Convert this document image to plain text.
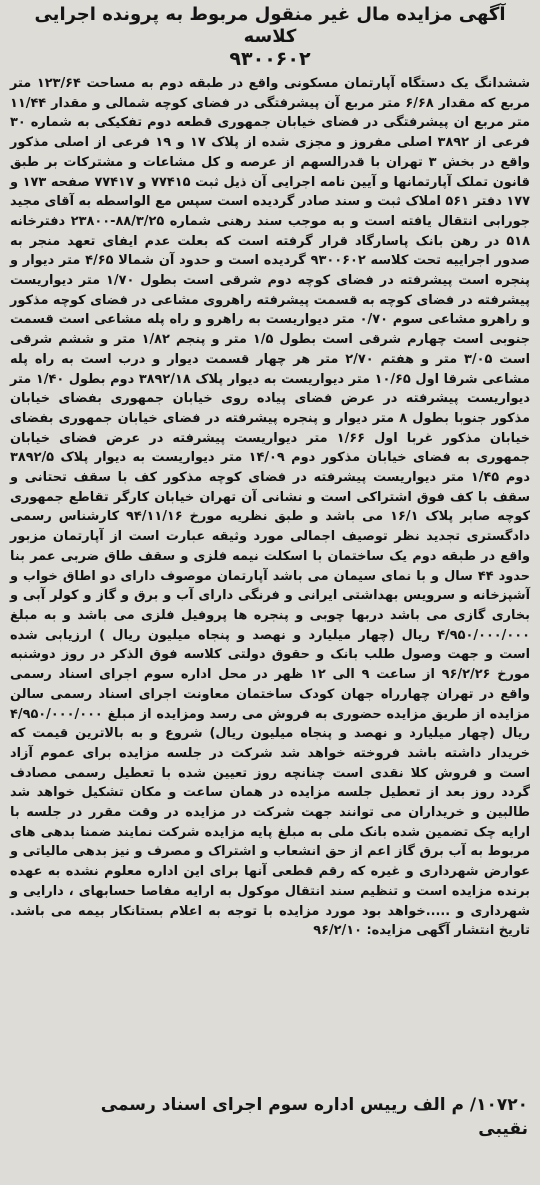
آگهی مزایده مال غیر منقول مربوط به پرونده اجرایی کلاسه
۹۳۰۰۶۰۲

ششدانگ یک دستگاه آپارتمان مسکونی واقع در طبقه دوم به مساحت ۱۲۳/۶۴ متر مربع که مقدار ۶/۶۸ متر مربع آن پیشرفتگی در فضای کوچه شمالی و مقدار ۱۱/۴۴ متر مربع ان پیشرفتگی در فضای خیابان جمهوری قطعه دوم تفکیکی به شماره ۳۰ فرعی از ۳۸۹۲ اصلی مفروز و مجزی شده از پلاک ۱۷ و ۱۹ فرعی از اصلی مذکور واقع در بخش ۳ تهران با قدرالسهم از عرصه و کل مشاعات و مشترکات بر طبق قانون تملک آپارتمانها و آیین نامه اجرایی آن ذیل ثبت ۷۷۴۱۵ و ۷۷۴۱۷ صفحه ۱۷۳ و ۱۷۷ دفتر ۵۶۱ املاک ثبت و سند صادر گردیده است سپس مع الواسطه به آقای مجید جورابی انتقال یافته است و به موجب سند رهنی شماره ۸۸/۳/۲۵-۲۳۸۰۰ دفترخانه ۵۱۸ در رهن بانک پاسارگاد قرار گرفته است که بعلت عدم ایفای تعهد منجر به صدور اجراییه تحت کلاسه ۹۳۰۰۶۰۲ گردیده است و حدود آن شمالا ۴/۶۵ متر دیوار و پنجره است پیشرفته در فضای کوچه دوم شرقی است بطول ۱/۷۰ متر دیواریست پیشرفته در فضای کوچه به قسمت پیشرفته راهروی مشاعی در فضای کوچه مذکور و راهرو مشاعی سوم ۰/۷۰ متر دیواریست به راهرو و راه پله مشاعی است قسمت جنوبی است چهارم شرقی است بطول ۱/۵ متر و پنجم ۱/۸۲ متر و ششم شرقی است ۳/۰۵ متر و هفتم ۲/۷۰ متر هر چهار قسمت دیوار و درب است به راه پله مشاعی شرقا اول ۱۰/۶۵ متر دیواریست به دیوار پلاک ۳۸۹۲/۱۸ دوم بطول ۱/۴۰ متر دیواریست پیشرفته در عرض فضای پیاده روی خیابان جمهوری بفضای خیابان مذکور جنوبا بطول ۸ متر دیوار و پنجره پیشرفته در فضای خیابان جمهوری بفضای خیابان مذکور غربا اول ۱/۶۶ متر دیواریست پیشرفته در عرض فضای خیابان جمهوری به فضای خیابان مذکور دوم ۱۴/۰۹ متر دیواریست به دیوار پلاک ۳۸۹۲/۵ دوم ۱/۴۵ متر دیواریست پیشرفته در فضای کوچه مذکور کف با سقف تحتانی و سقف با کف فوق اشتراکی است و نشانی آن تهران خیابان کارگر تقاطع جمهوری کوچه صابر پلاک ۱۶/۱ می باشد و طبق نظریه مورخ ۹۴/۱۱/۱۶ کارشناس رسمی دادگستری تجدید نظر توصیف اجمالی مورد وثیقه عبارت است از آپارتمان مزبور واقع در طبقه دوم یک ساختمان با اسکلت نیمه فلزی و سقف طاق ضربی عمر بنا حدود ۴۴ سال و با نمای سیمان می باشد آپارتمان موصوف دارای دو اطاق خواب و آشپزخانه و سرویس بهداشتی ایرانی و فرنگی دارای آب و برق و گاز و کولر آبی و بخاری گازی می باشد دربها چوبی و پنجره ها پروفیل فلزی می باشد و به مبلغ ۴/۹۵۰/۰۰۰/۰۰۰ ریال (چهار میلیارد و نهصد و پنجاه میلیون ریال ) ارزیابی شده است و جهت وصول طلب بانک و حقوق دولتی کلاسه فوق الذکر در روز دوشنبه مورخ ۹۶/۲/۲۶ از ساعت ۹ الی ۱۲ ظهر در محل اداره سوم اجرای اسناد رسمی واقع در تهران چهارراه جهان کودک ساختمان معاونت اجرای اسناد رسمی سالن مزایده از طریق مزایده حضوری به فروش می رسد ومزایده از مبلغ ۴/۹۵۰/۰۰۰/۰۰۰ ریال (چهار میلیارد و نهصد و پنجاه میلیون ریال) شروع و به بالاترین قیمت که خریدار داشته باشد فروخته خواهد شد شرکت در جلسه مزایده برای عموم آزاد است و فروش کلا نقدی است چنانچه روز تعیین شده با تعطیل رسمی مصادف گردد روز بعد از تعطیل جلسه مزایده در همان ساعت و مکان تشکیل خواهد شد طالبین و خریداران می توانند جهت شرکت در مزایده در وقت مقرر در جلسه با ارایه چک تضمین شده بانک ملی به مبلغ پایه مزایده شرکت نمایند ضمنا بدهی های مربوط به آب برق گاز اعم از حق انشعاب و اشتراک و مصرف و نیز بدهی مالیاتی و عوارض شهرداری و غیره که رقم قطعی آنها برای این اداره معلوم نشده به عهده برنده مزایده است و تنظیم سند انتقال موکول به ارایه مفاصا حسابهای ، دارایی و شهرداری و .....خواهد بود مورد مزایده با توجه به اعلام بستانکار بیمه می باشد. تاریخ انتشار آگهی مزایده: ۹۶/۲/۱۰

۱۰۷۲۰/ م الف رییس اداره سوم اجرای اسناد رسمی
نقیبی
